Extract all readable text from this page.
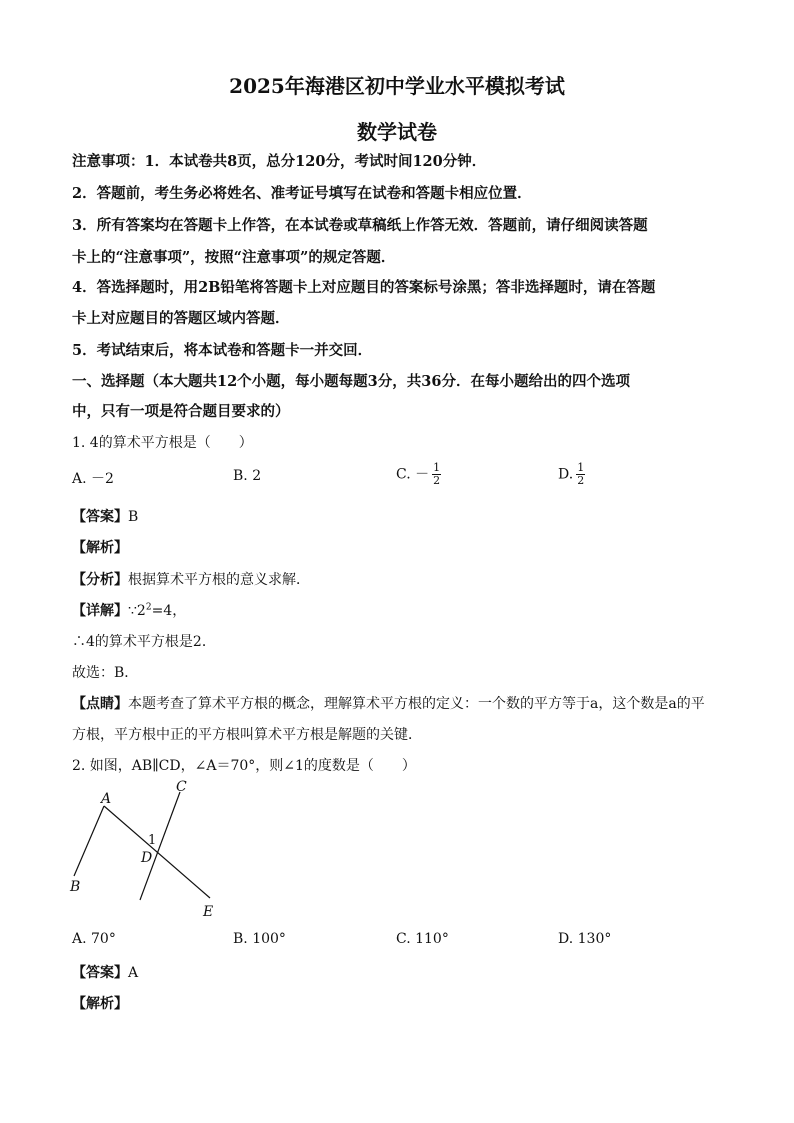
2025年海港区初中学业水平模拟考试
数学试卷
注意事项：1．本试卷共8页，总分120分，考试时间120分钟．
2．答题前，考生务必将姓名、准考证号填写在试卷和答题卡相应位置．
3．所有答案均在答题卡上作答，在本试卷或草稿纸上作答无效．答题前，请仔细阅读答题
卡上的“注意事项”，按照“注意事项”的规定答题．
4．答选择题时，用2B铅笔将答题卡上对应题目的答案标号涂黑；答非选择题时，请在答题
卡上对应题目的答题区域内答题．
5．考试结束后，将本试卷和答题卡一并交回．
一、选择题（本大题共12个小题，每小题每题3分，共36分．在每小题给出的四个选项
中，只有一项是符合题目要求的）
1. 4的算术平方根是（　　）
A. －2	B. 2	C. － $\frac{1}{2}$	D. $\frac{1}{2}$
【答案】B
【解析】
【分析】根据算术平方根的意义求解．
【详解】$\because 2^2=4$，
∴4的算术平方根是2．
故选：B．
【点睛】本题考查了算术平方根的概念，理解算术平方根的定义：一个数的平方等于a，这个数是a的平
方根，平方根中正的平方根叫算术平方根是解题的关键．
2. 如图，AB∥CD，∠A＝70°，则∠1的度数是（　　）
A
B
C
D
E
1
A. 70°	B. 100°	C. 110°	D. 130°
【答案】A
【解析】
